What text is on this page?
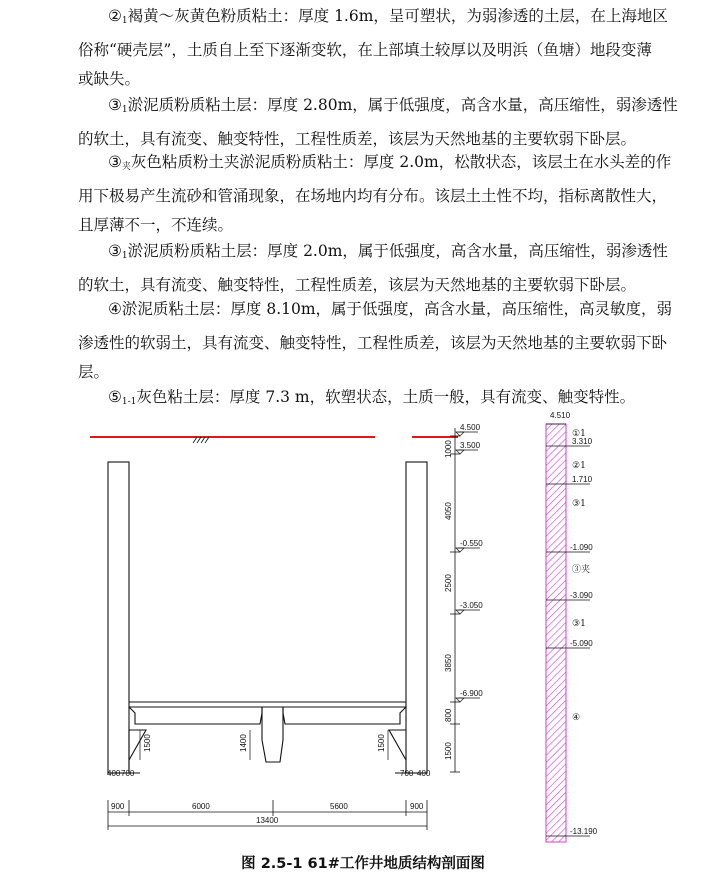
$②_1$褐黄～灰黄色粉质粘土：厚度 1.6m，呈可塑状，为弱渗透的土层，在上海地区
俗称“硬壳层”，土质自上至下逐渐变软，在上部填土较厚以及明浜（鱼塘）地段变薄
或缺失。
$③_1$淤泥质粉质粘土层：厚度 2.80m，属于低强度，高含水量，高压缩性，弱渗透性
的软土，具有流变、触变特性，工程性质差，该层为天然地基的主要软弱下卧层。
$③_夹$灰色粘质粉土夹淤泥质粉质粘土：厚度 2.0m，松散状态，该层土在水头差的作
用下极易产生流砂和管涌现象，在场地内均有分布。该层土土性不均，指标离散性大，
且厚薄不一，不连续。
$③_1$淤泥质粉质粘土层：厚度 2.0m，属于低强度，高含水量，高压缩性，弱渗透性
的软土，具有流变、触变特性，工程性质差，该层为天然地基的主要软弱下卧层。
④淤泥质粘土层：厚度 8.10m，属于低强度，高含水量，高压缩性，高灵敏度，弱
渗透性的软弱土，具有流变、触变特性，工程性质差，该层为天然地基的主要软弱下卧
层。
$⑤_{1-1}$灰色粘土层：厚度 7.3 m，软塑状态，土质一般，具有流变、触变特性。
1500	1400	1500
400 700	700 400
1000
4050
2500
3850
800
1500
4.500
3.500
-0.550
-3.050
-6.900
900	6000	5600	900
13400
4.510
3.310
1.710
-1.090
-3.090
-5.090
-13.190
①1
②1
③1
③夹
③1
④
图 2.5-1 61#工作井地质结构剖面图
